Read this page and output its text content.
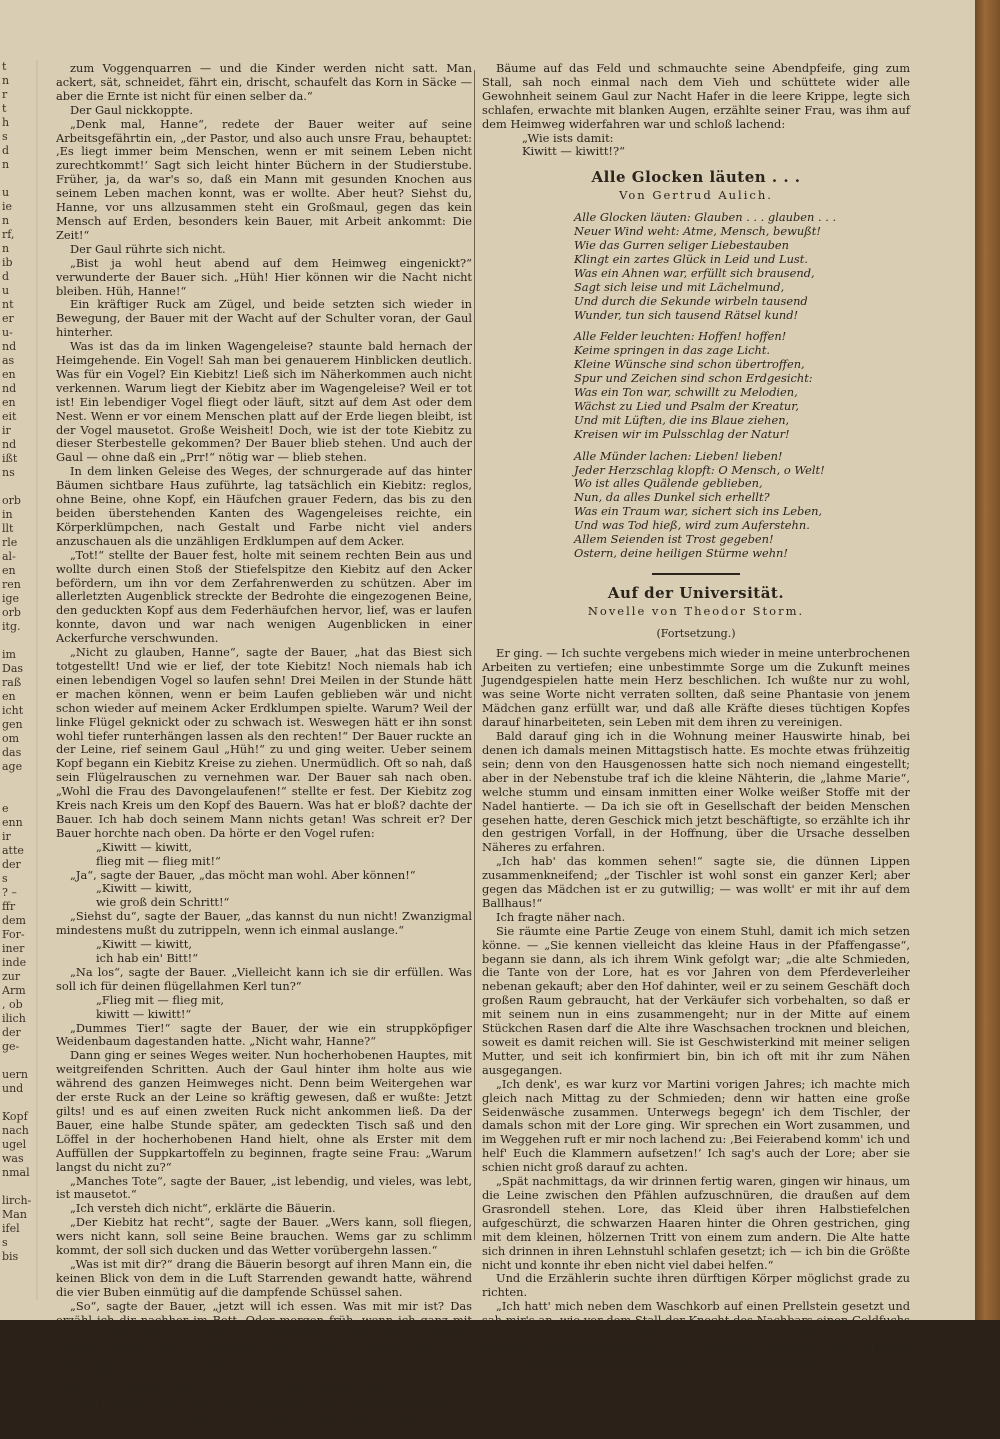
t
n
r
t
h
s
d
n

u
ie
n
rf,
n
ib
d
u
nt
er
u-
nd
as
en
nd
en
eit
ir
nd
ißt
ns

orb
in
llt
rle
al-
en
ren
ige
orb
itg.

im
Das
raß
en
icht
gen
om
das
age

e
enn
ir
atte
der
s
? –
ffr
dem
For-
iner
inde
zur
Arm
, ob
ilich
der
ge-

uern
und

Kopf
nach
ugel
was
nmal

lirch-
Man
ifel
s
bis

zum Voggenquarren — und die Kinder werden nicht satt. Man ackert, sät, schneidet, fährt ein, drischt, schaufelt das Korn in Säcke — aber die Ernte ist nicht für einen selber da.“

Der Gaul nickkoppte.

„Denk mal, Hanne“, redete der Bauer weiter auf seine Arbeitsgefährtin ein, „der Pastor, und also auch unsre Frau, behauptet: ‚Es liegt immer beim Menschen, wenn er mit seinem Leben nicht zurechtkommt!‘ Sagt sich leicht hinter Büchern in der Studierstube. Früher, ja, da war's so, daß ein Mann mit gesunden Knochen aus seinem Leben machen konnt, was er wollte. Aber heut? Siehst du, Hanne, vor uns allzusammen steht ein Großmaul, gegen das kein Mensch auf Erden, besonders kein Bauer, mit Arbeit ankommt: Die Zeit!“

Der Gaul rührte sich nicht.

„Bist ja wohl heut abend auf dem Heimweg eingenickt?“ verwunderte der Bauer sich. „Hüh! Hier können wir die Nacht nicht bleiben. Hüh, Hanne!“

Ein kräftiger Ruck am Zügel, und beide setzten sich wieder in Bewegung, der Bauer mit der Wacht auf der Schulter voran, der Gaul hinterher.

Was ist das da im linken Wagengeleise? staunte bald hernach der Heimgehende. Ein Vogel! Sah man bei genauerem Hinblicken deutlich. Was für ein Vogel? Ein Kiebitz! Ließ sich im Näherkommen auch nicht verkennen. Warum liegt der Kiebitz aber im Wagengeleise? Weil er tot ist! Ein lebendiger Vogel fliegt oder läuft, sitzt auf dem Ast oder dem Nest. Wenn er vor einem Menschen platt auf der Erde liegen bleibt, ist der Vogel mausetot. Große Weisheit! Doch, wie ist der tote Kiebitz zu dieser Sterbestelle gekommen? Der Bauer blieb stehen. Und auch der Gaul — ohne daß ein „Prr!“ nötig war — blieb stehen.

In dem linken Geleise des Weges, der schnurgerade auf das hinter Bäumen sichtbare Haus zuführte, lag tatsächlich ein Kiebitz: reglos, ohne Beine, ohne Kopf, ein Häufchen grauer Federn, das bis zu den beiden überstehenden Kanten des Wagengeleises reichte, ein Körperklümpchen, nach Gestalt und Farbe nicht viel anders anzuschauen als die unzähligen Erdklumpen auf dem Acker.

„Tot!“ stellte der Bauer fest, holte mit seinem rechten Bein aus und wollte durch einen Stoß der Stiefelspitze den Kiebitz auf den Acker befördern, um ihn vor dem Zerfahrenwerden zu schützen. Aber im allerletzten Augenblick streckte der Bedrohte die eingezogenen Beine, den geduckten Kopf aus dem Federhäufchen hervor, lief, was er laufen konnte, davon und war nach wenigen Augenblicken in einer Ackerfurche verschwunden.

„Nicht zu glauben, Hanne“, sagte der Bauer, „hat das Biest sich totgestellt! Und wie er lief, der tote Kiebitz! Noch niemals hab ich einen lebendigen Vogel so laufen sehn! Drei Meilen in der Stunde hätt er machen können, wenn er beim Laufen geblieben wär und nicht schon wieder auf meinem Acker Erdklumpen spielte. Warum? Weil der linke Flügel geknickt oder zu schwach ist. Weswegen hätt er ihn sonst wohl tiefer runterhängen lassen als den rechten!“ Der Bauer ruckte an der Leine, rief seinem Gaul „Hüh!“ zu und ging weiter. Ueber seinem Kopf begann ein Kiebitz Kreise zu ziehen. Unermüdlich. Oft so nah, daß sein Flügelrauschen zu vernehmen war. Der Bauer sah nach oben. „Wohl die Frau des Davongelaufenen!“ stellte er fest. Der Kiebitz zog Kreis nach Kreis um den Kopf des Bauern. Was hat er bloß? dachte der Bauer. Ich hab doch seinem Mann nichts getan! Was schreit er? Der Bauer horchte nach oben. Da hörte er den Vogel rufen:

„Kiwitt — kiwitt,

flieg mit — flieg mit!“

„Ja“, sagte der Bauer, „das möcht man wohl. Aber können!“

„Kiwitt — kiwitt,

wie groß dein Schritt!“

„Siehst du“, sagte der Bauer, „das kannst du nun nicht! Zwanzigmal mindestens mußt du zutrippeln, wenn ich einmal auslange.“

„Kiwitt — kiwitt,

ich hab ein' Bitt!“

„Na los“, sagte der Bauer. „Vielleicht kann ich sie dir erfüllen. Was soll ich für deinen flügellahmen Kerl tun?“

„Flieg mit — flieg mit,

kiwitt — kiwitt!“

„Dummes Tier!“ sagte der Bauer, der wie ein struppköpfiger Weidenbaum dagestanden hatte. „Nicht wahr, Hanne?“

Dann ging er seines Weges weiter. Nun hocherhobenen Hauptes, mit weitgreifenden Schritten. Auch der Gaul hinter ihm holte aus wie während des ganzen Heimweges nicht. Denn beim Weitergehen war der erste Ruck an der Leine so kräftig gewesen, daß er wußte: Jetzt gilts! und es auf einen zweiten Ruck nicht ankommen ließ. Da der Bauer, eine halbe Stunde später, am gedeckten Tisch saß und den Löffel in der hocherhobenen Hand hielt, ohne als Erster mit dem Auffüllen der Suppkartoffeln zu beginnen, fragte seine Frau: „Warum langst du nicht zu?“

„Manches Tote“, sagte der Bauer, „ist lebendig, und vieles, was lebt, ist mausetot.“

„Ich versteh dich nicht“, erklärte die Bäuerin.

„Der Kiebitz hat recht“, sagte der Bauer. „Wers kann, soll fliegen, wers nicht kann, soll seine Beine brauchen. Wems gar zu schlimm kommt, der soll sich ducken und das Wetter vorübergehn lassen.“

„Was ist mit dir?“ drang die Bäuerin besorgt auf ihren Mann ein, die keinen Blick von dem in die Luft Starrenden gewandt hatte, während die vier Buben einmütig auf die dampfende Schüssel sahen.

„So“, sagte der Bauer, „jetzt will ich essen. Was mit mir ist? Das erzähl ich dir nachher im Bett. Oder morgen früh, wenn ich ganz mit mir im Reinen bin. Hast recht: Auf Golgatha war einer, den sie getötet hatten, lebendig, war tot nicht tot. Und wir sollten, heilen Leibes, mit dem Leben nicht zurechtkommen?“

„Endlich!“ atmete die Frau auf. „Wer hat dich nun doch dahin gebracht, wohin ich dich all die Jahre nicht kriegen konnte?“

„Der Kiebitz!“ sagte der Bauer, füllte sich den Teller schwappvoll, aß und wurde mit allen Seinen satt; setzte sich ans Fenster, blickte durch die

Bäume auf das Feld und schmauchte seine Abendpfeife, ging zum Stall, sah noch einmal nach dem Vieh und schüttete wider alle Gewohnheit seinem Gaul zur Nacht Hafer in die leere Krippe, legte sich schlafen, erwachte mit blanken Augen, erzählte seiner Frau, was ihm auf dem Heimweg widerfahren war und schloß lachend:

„Wie ists damit:

Kiwitt — kiwitt!?“

Alle Glocken läuten . . .
Von Gertrud Aulich.
Alle Glocken läuten: Glauben . . . glauben . . .
Neuer Wind weht: Atme, Mensch, bewußt!
Wie das Gurren seliger Liebestauben
Klingt ein zartes Glück in Leid und Lust.
Was ein Ahnen war, erfüllt sich brausend,
Sagt sich leise und mit Lächelmund,
Und durch die Sekunde wirbeln tausend
Wunder, tun sich tausend Rätsel kund!
Alle Felder leuchten: Hoffen! hoffen!
Keime springen in das zage Licht.
Kleine Wünsche sind schon übertroffen,
Spur und Zeichen sind schon Erdgesicht:
Was ein Ton war, schwillt zu Melodien,
Wächst zu Lied und Psalm der Kreatur,
Und mit Lüften, die ins Blaue ziehen,
Kreisen wir im Pulsschlag der Natur!
Alle Münder lachen: Lieben! lieben!
Jeder Herzschlag klopft: O Mensch, o Welt!
Wo ist alles Quälende geblieben,
Nun, da alles Dunkel sich erhellt?
Was ein Traum war, sichert sich ins Leben,
Und was Tod hieß, wird zum Auferstehn.
Allem Seienden ist Trost gegeben!
Ostern, deine heiligen Stürme wehn!
Auf der Universität.
Novelle von Theodor Storm.
(Fortsetzung.)

Er ging. — Ich suchte vergebens mich wieder in meine unterbrochenen Arbeiten zu vertiefen; eine unbestimmte Sorge um die Zukunft meines Jugendgespielen hatte mein Herz beschlichen. Ich wußte nur zu wohl, was seine Worte nicht verraten sollten, daß seine Phantasie von jenem Mädchen ganz erfüllt war, und daß alle Kräfte dieses tüchtigen Kopfes darauf hinarbeiteten, sein Leben mit dem ihren zu vereinigen.

Bald darauf ging ich in die Wohnung meiner Hauswirte hinab, bei denen ich damals meinen Mittagstisch hatte. Es mochte etwas frühzeitig sein; denn von den Hausgenossen hatte sich noch niemand eingestellt; aber in der Nebenstube traf ich die kleine Nähterin, die „lahme Marie“, welche stumm und einsam inmitten einer Wolke weißer Stoffe mit der Nadel hantierte. — Da ich sie oft in Gesellschaft der beiden Menschen gesehen hatte, deren Geschick mich jetzt beschäftigte, so erzählte ich ihr den gestrigen Vorfall, in der Hoffnung, über die Ursache desselben Näheres zu erfahren.

„Ich hab' das kommen sehen!“ sagte sie, die dünnen Lippen zusammenkneifend; „der Tischler ist wohl sonst ein ganzer Kerl; aber gegen das Mädchen ist er zu gutwillig; — was wollt' er mit ihr auf dem Ballhaus!“

Ich fragte näher nach.

Sie räumte eine Partie Zeuge von einem Stuhl, damit ich mich setzen könne. — „Sie kennen vielleicht das kleine Haus in der Pfaffengasse“, begann sie dann, als ich ihrem Wink gefolgt war; „die alte Schmieden, die Tante von der Lore, hat es vor Jahren von dem Pferdeverleiher nebenan gekauft; aber den Hof dahinter, weil er zu seinem Geschäft doch großen Raum gebraucht, hat der Verkäufer sich vorbehalten, so daß er mit seinem nun in eins zusammengeht; nur in der Mitte auf einem Stückchen Rasen darf die Alte ihre Waschsachen trocknen und bleichen, soweit es damit reichen will. Sie ist Geschwisterkind mit meiner seligen Mutter, und seit ich konfirmiert bin, bin ich oft mit ihr zum Nähen ausgegangen.

„Ich denk', es war kurz vor Martini vorigen Jahres; ich machte mich gleich nach Mittag zu der Schmieden; denn wir hatten eine große Seidenwäsche zusammen. Unterwegs begegn' ich dem Tischler, der damals schon mit der Lore ging. Wir sprechen ein Wort zusammen, und im Weggehen ruft er mir noch lachend zu: ‚Bei Feierabend komm' ich und helf' Euch die Klammern aufsetzen!‘ Ich sag's auch der Lore; aber sie schien nicht groß darauf zu achten.

„Spät nachmittags, da wir drinnen fertig waren, gingen wir hinaus, um die Leine zwischen den Pfählen aufzuschnüren, die draußen auf dem Grasrondell stehen. Lore, das Kleid über ihren Halbstiefelchen aufgeschürzt, die schwarzen Haaren hinter die Ohren gestrichen, ging mit dem kleinen, hölzernen Tritt von einem zum andern. Die Alte hatte sich drinnen in ihren Lehnstuhl schlafen gesetzt; ich — ich bin die Größte nicht und konnte ihr eben nicht viel dabei helfen.“

Und die Erzählerin suchte ihren dürftigen Körper möglichst grade zu richten.

„Ich hatt' mich neben dem Waschkorb auf einen Prellstein gesetzt und sah mir's an, wie vor dem Stall der Knecht des Nachbars einen Goldfuchs striegelte. — Ich hab' die Pferde gern, wissen Sie, denn mein Vater ist auch ein Fuhrmann gewesen. — Es war ein gar schönes Tier; und wenn es so den Kopf aus dem Schatten in die Sonne hinauswarf,
